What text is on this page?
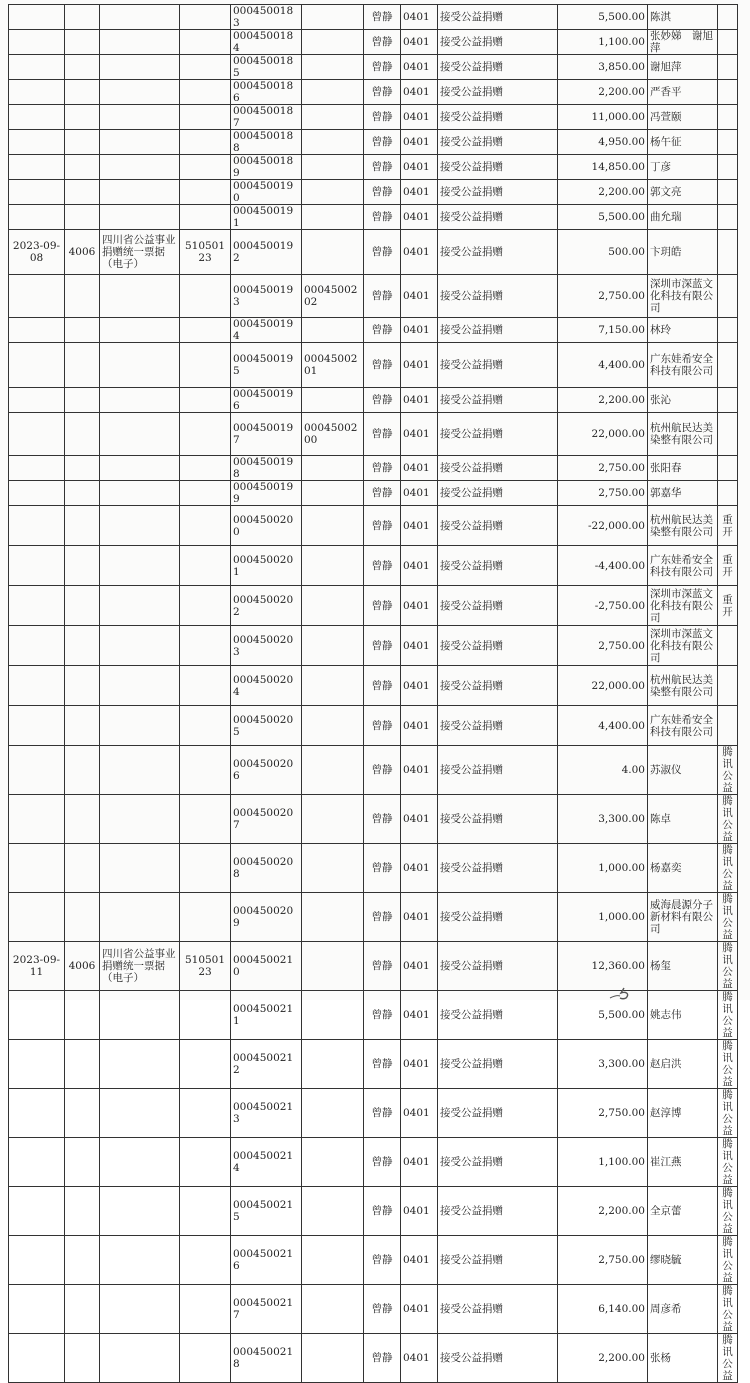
				0004500183		曾静	0401	接受公益捐赠	5,500.00	陈淇	
				0004500184		曾静	0401	接受公益捐赠	1,100.00	张妙娣　谢旭萍	
				0004500185		曾静	0401	接受公益捐赠	3,850.00	谢旭萍	
				0004500186		曾静	0401	接受公益捐赠	2,200.00	严香平	
				0004500187		曾静	0401	接受公益捐赠	11,000.00	冯萱颐	
				0004500188		曾静	0401	接受公益捐赠	4,950.00	杨午征	
				0004500189		曾静	0401	接受公益捐赠	14,850.00	丁彦	
				0004500190		曾静	0401	接受公益捐赠	2,200.00	郭文亮	
				0004500191		曾静	0401	接受公益捐赠	5,500.00	曲允瑞	
2023-09-08	4006	四川省公益事业捐赠统一票据（电子）	51050123	0004500192		曾静	0401	接受公益捐赠	500.00	卞玥皓	
				0004500193	0004500202	曾静	0401	接受公益捐赠	2,750.00	深圳市深蓝文化科技有限公司	
				0004500194		曾静	0401	接受公益捐赠	7,150.00	林玲	
				0004500195	0004500201	曾静	0401	接受公益捐赠	4,400.00	广东娃希安全科技有限公司	
				0004500196		曾静	0401	接受公益捐赠	2,200.00	张沁	
				0004500197	0004500200	曾静	0401	接受公益捐赠	22,000.00	杭州航民达美染整有限公司	
				0004500198		曾静	0401	接受公益捐赠	2,750.00	张阳春	
				0004500199		曾静	0401	接受公益捐赠	2,750.00	郭嘉华	
				0004500200		曾静	0401	接受公益捐赠	-22,000.00	杭州航民达美染整有限公司	重开
				0004500201		曾静	0401	接受公益捐赠	-4,400.00	广东娃希安全科技有限公司	重开
				0004500202		曾静	0401	接受公益捐赠	-2,750.00	深圳市深蓝文化科技有限公司	重开
				0004500203		曾静	0401	接受公益捐赠	2,750.00	深圳市深蓝文化科技有限公司	
				0004500204		曾静	0401	接受公益捐赠	22,000.00	杭州航民达美染整有限公司	
				0004500205		曾静	0401	接受公益捐赠	4,400.00	广东娃希安全科技有限公司	
				0004500206		曾静	0401	接受公益捐赠	4.00	苏淑仪	腾讯公益
				0004500207		曾静	0401	接受公益捐赠	3,300.00	陈卓	腾讯公益
				0004500208		曾静	0401	接受公益捐赠	1,000.00	杨嘉奕	腾讯公益
				0004500209		曾静	0401	接受公益捐赠	1,000.00	威海晨源分子新材料有限公司	腾讯公益
2023-09-11	4006	四川省公益事业捐赠统一票据（电子）	51050123	0004500210		曾静	0401	接受公益捐赠	12,360.00	杨玺	腾讯公益
				0004500211		曾静	0401	接受公益捐赠	5,500.00	姚志伟	腾讯公益
				0004500212		曾静	0401	接受公益捐赠	3,300.00	赵启洪	腾讯公益
				0004500213		曾静	0401	接受公益捐赠	2,750.00	赵淳博	腾讯公益
				0004500214		曾静	0401	接受公益捐赠	1,100.00	崔江燕	腾讯公益
				0004500215		曾静	0401	接受公益捐赠	2,200.00	全京蕾	腾讯公益
				0004500216		曾静	0401	接受公益捐赠	2,750.00	缪晓毓	腾讯公益
				0004500217		曾静	0401	接受公益捐赠	6,140.00	周彦希	腾讯公益
				0004500218		曾静	0401	接受公益捐赠	2,200.00	张杨	腾讯公益
